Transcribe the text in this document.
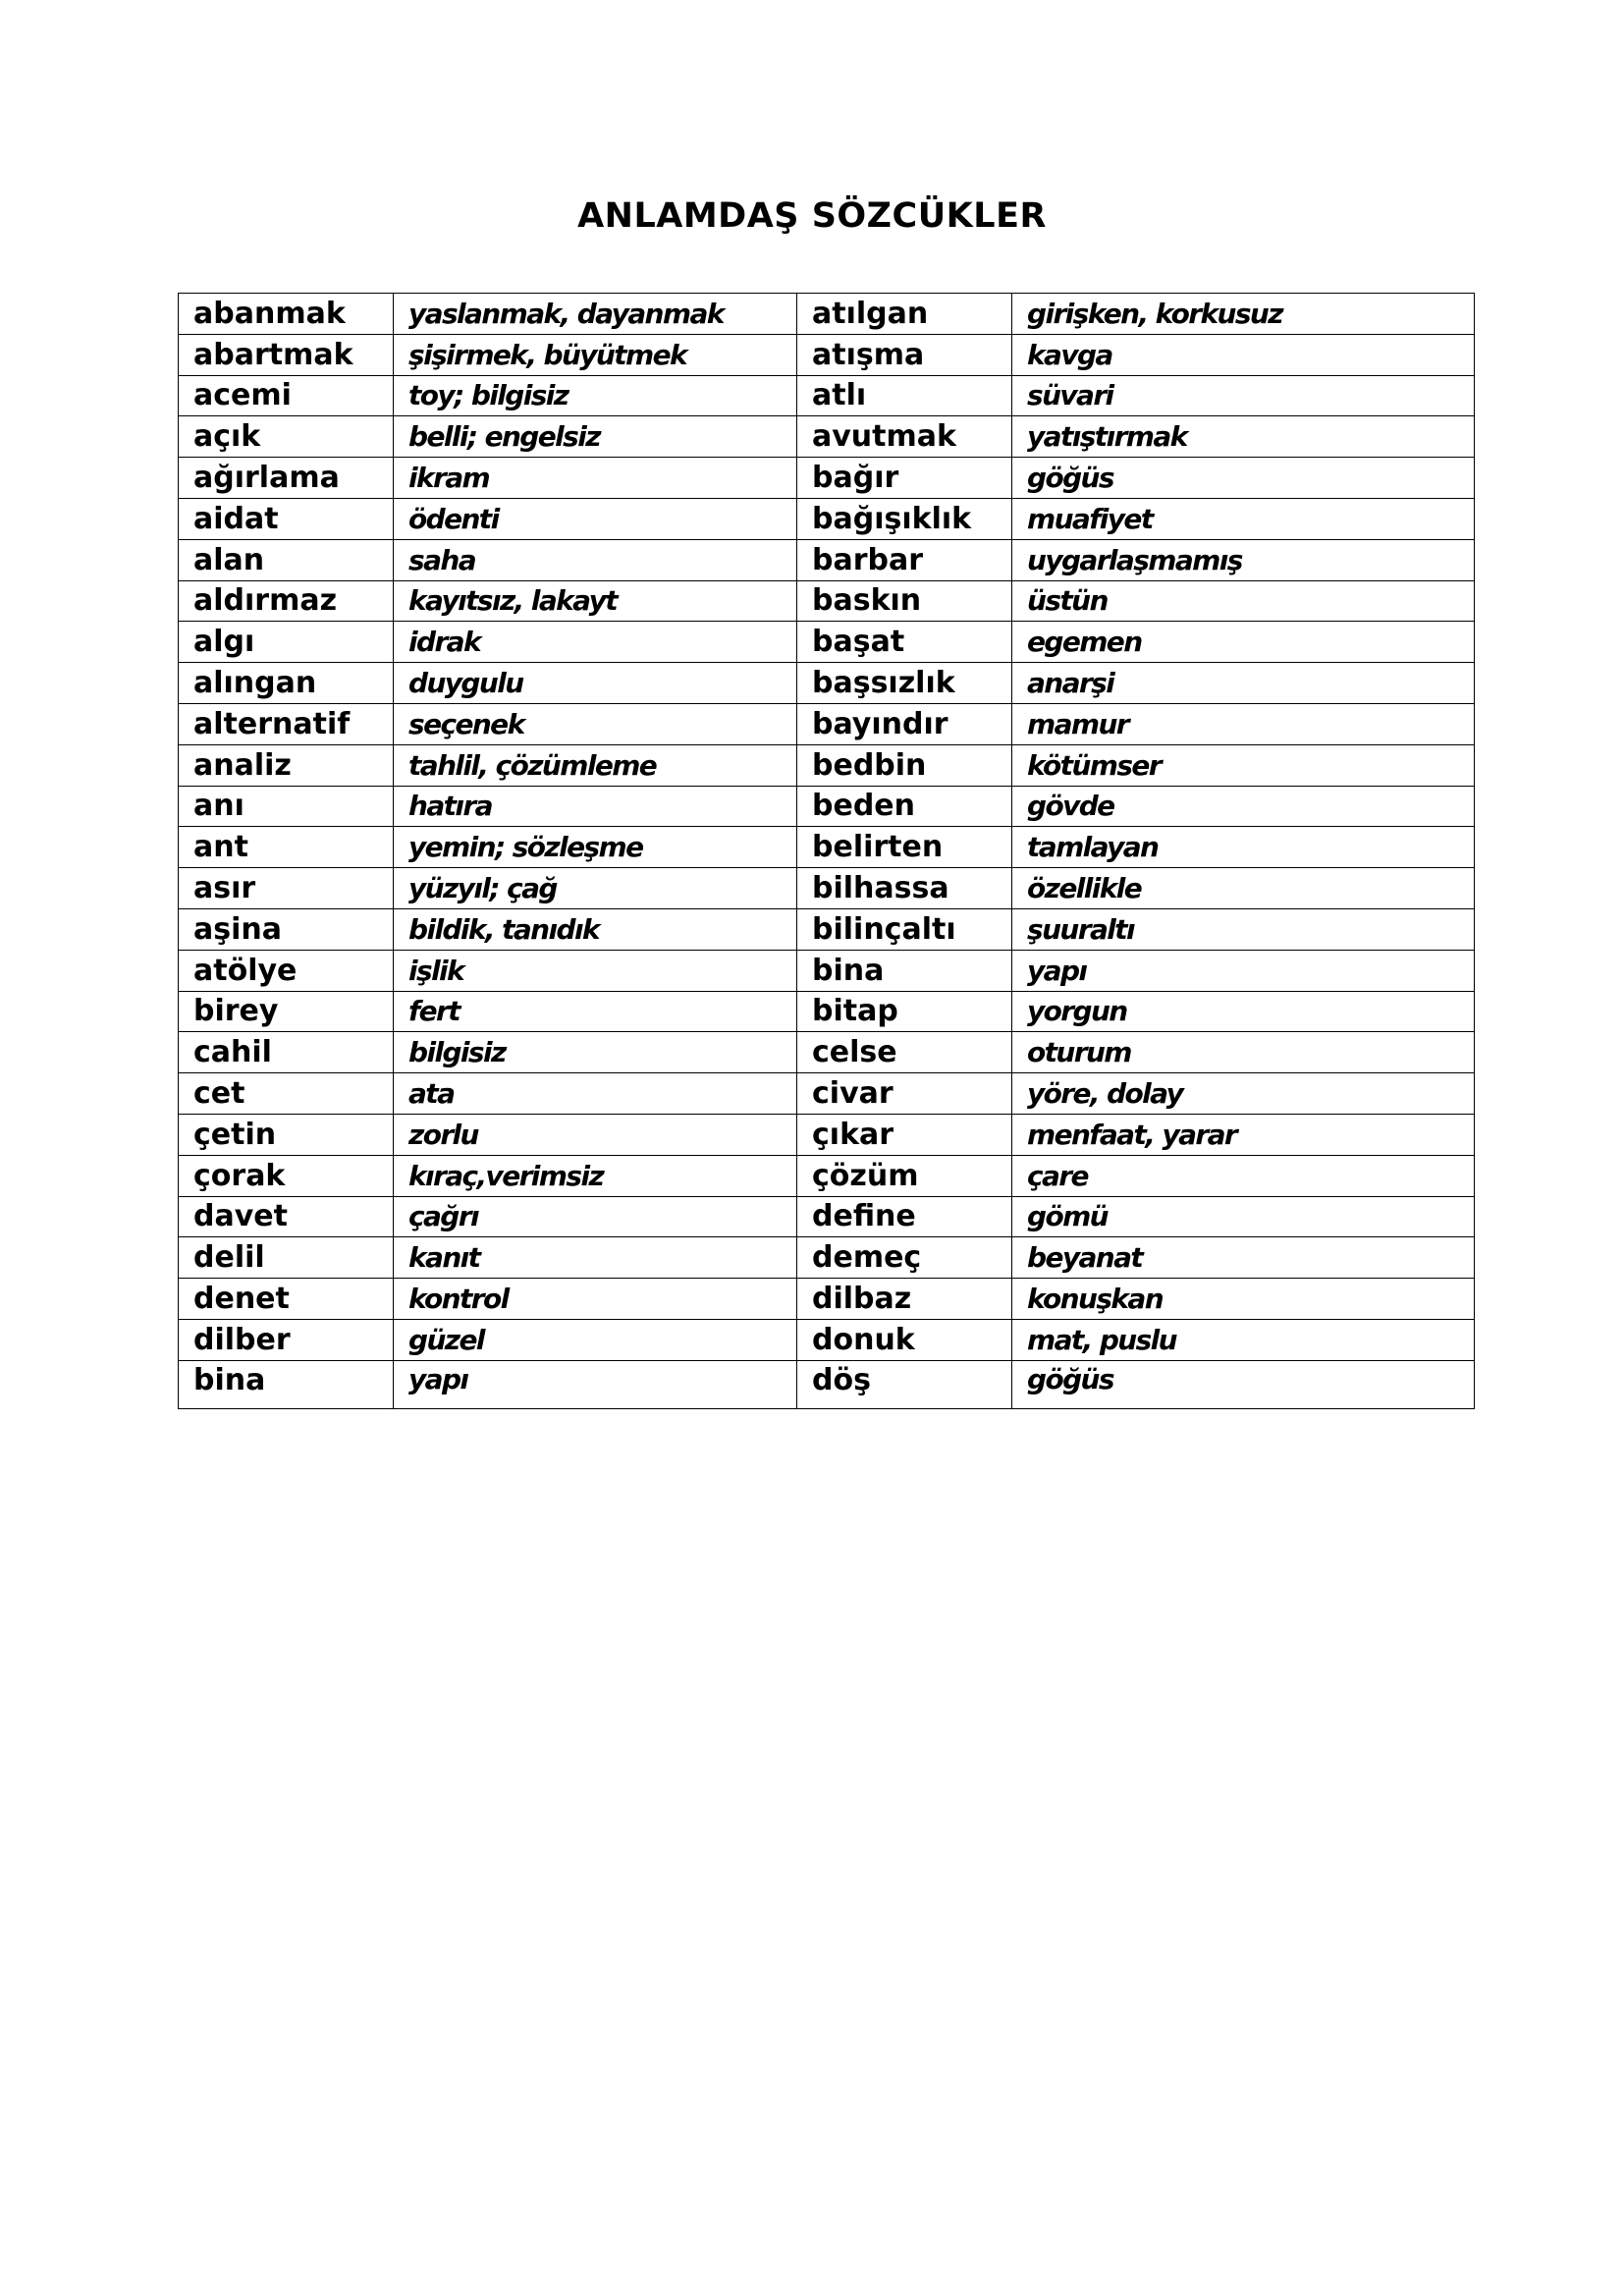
ANLAMDAŞ SÖZCÜKLER
abanmak	yaslanmak, dayanmak	atılgan	girişken, korkusuz
abartmak	şişirmek, büyütmek	atışma	kavga
acemi	toy; bilgisiz	atlı	süvari
açık	belli; engelsiz	avutmak	yatıştırmak
ağırlama	ikram	bağır	göğüs
aidat	ödenti	bağışıklık	muafiyet
alan	saha	barbar	uygarlaşmamış
aldırmaz	kayıtsız, lakayt	baskın	üstün
algı	idrak	başat	egemen
alıngan	duygulu	başsızlık	anarşi
alternatif	seçenek	bayındır	mamur
analiz	tahlil, çözümleme	bedbin	kötümser
anı	hatıra	beden	gövde
ant	yemin; sözleşme	belirten	tamlayan
asır	yüzyıl; çağ	bilhassa	özellikle
aşina	bildik, tanıdık	bilinçaltı	şuuraltı
atölye	işlik	bina	yapı
birey	fert	bitap	yorgun
cahil	bilgisiz	celse	oturum
cet	ata	civar	yöre, dolay
çetin	zorlu	çıkar	menfaat, yarar
çorak	kıraç,verimsiz	çözüm	çare
davet	çağrı	define	gömü
delil	kanıt	demeç	beyanat
denet	kontrol	dilbaz	konuşkan
dilber	güzel	donuk	mat, puslu
bina	yapı	döş	göğüs
